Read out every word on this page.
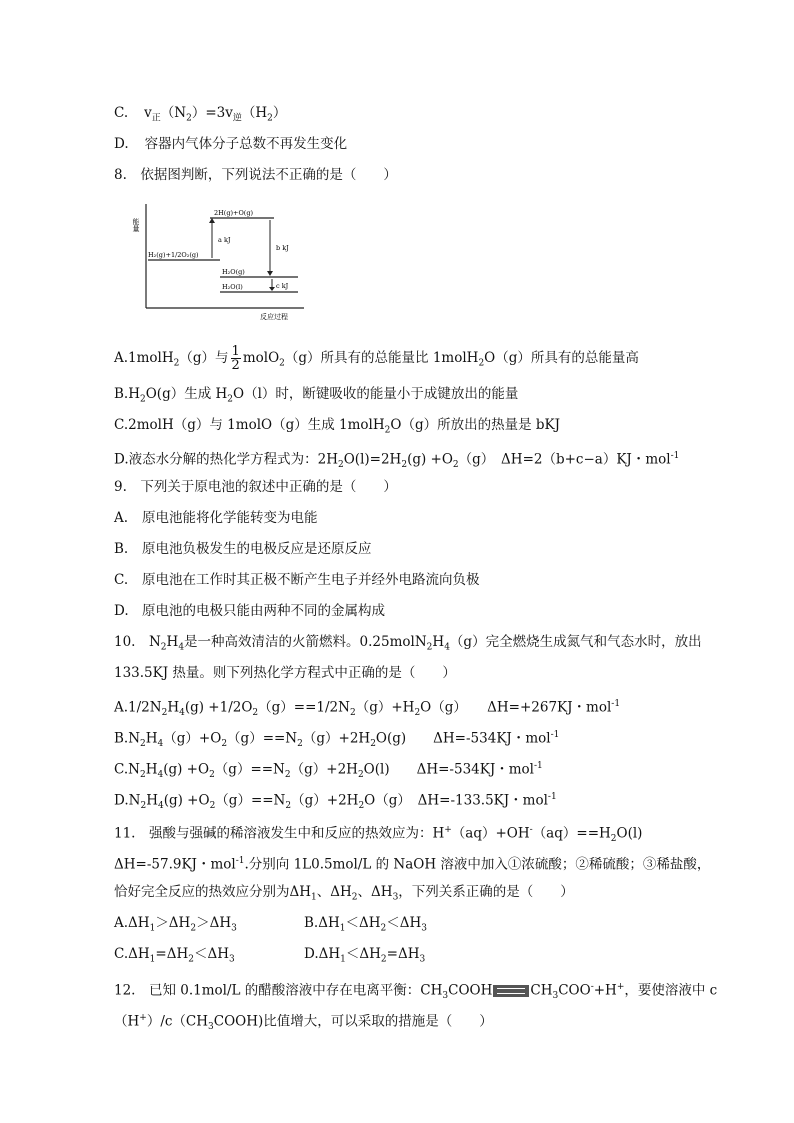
C. $v_正(N_2)=3v_逆(H_2)$
D. 容器内气体分子总数不再发生变化
8.　依据图判断，下列说法不正确的是（　　）
能量
反应过程
2H(g)+O(g)
H₂(g)+1/2O₂(g)
a kJ
H₂O(g)
H₂O(l)
b kJ
c kJ
A.1molH$_2$（g）与 $\frac{1}{2}$ molO$_2$（g）所具有的总能量比 1molH$_2$O（g）所具有的总能量高
$B.H_2O(g)$生成 $H_2O(l)$时，断键吸收的能量小于成键放出的能量
C.2molH（g）与 1molO（g）生成 1molH$_2$O（g）所放出的热量是 bKJ
D.液态水分解的热化学方程式为：$2H_2O(l)=2H_2(g) +O_2(g)$　ΔH=2（b+c−a）KJ・mol$^{-1}$
9.　下列关于原电池的叙述中正确的是（　　）
A. 原电池能将化学能转变为电能
B. 原电池负极发生的电极反应是还原反应
C. 原电池在工作时其正极不断产生电子并经外电路流向负极
D. 原电池的电极只能由两种不同的金属构成
10.　$N_2H_4$是一种高效清洁的火箭燃料。$0.25molN_2H_4(g)$完全燃烧生成氮气和气态水时，放出
133.5KJ 热量。则下列热化学方程式中正确的是（　　）
$A.1/2N_2H_4(g) +1/2O_2(g)==1/2N_2(g)+H_2O(g)$　　ΔH=+267KJ・mol$^{-1}$
$B.N_2H_4(g)+O_2(g)==N_2(g)+2H_2O(g)$　　ΔH=-534KJ・mol$^{-1}$
$C.N_2H_4(g) +O_2(g)==N_2(g)+2H_2O(l)$　　ΔH=-534KJ・mol$^{-1}$
$D.N_2H_4(g) +O_2(g)==N_2(g)+2H_2O(g)$　ΔH=-133.5KJ・mol$^{-1}$
11.　强酸与强碱的稀溶液发生中和反应的热效应为：$H^+(aq)+OH^-(aq)==H_2O(l)$
ΔH=-57.9KJ・mol$^{-1}$.分别向 1L0.5mol/L 的 NaOH 溶液中加入①浓硫酸；②稀硫酸；③稀盐酸，
恰好完全反应的热效应分别为$\Delta H_1$、$\Delta H_2$、$\Delta H_3$，下列关系正确的是（　　）
$A.\Delta H_1>\Delta H_2>\Delta H_3$	$B.\Delta H_1<\Delta H_2<\Delta H_3$
$C.\Delta H_1=\Delta H_2<\Delta H_3$	$D.\Delta H_1<\Delta H_2=\Delta H_3$
12.　已知 0.1mol/L 的醋酸溶液中存在电离平衡：$CH_3COOH$	$CH_3COO^-+H^+$，要使溶液中 c
$(H^+)/c(CH_3COOH)$比值增大，可以采取的措施是（　　）
